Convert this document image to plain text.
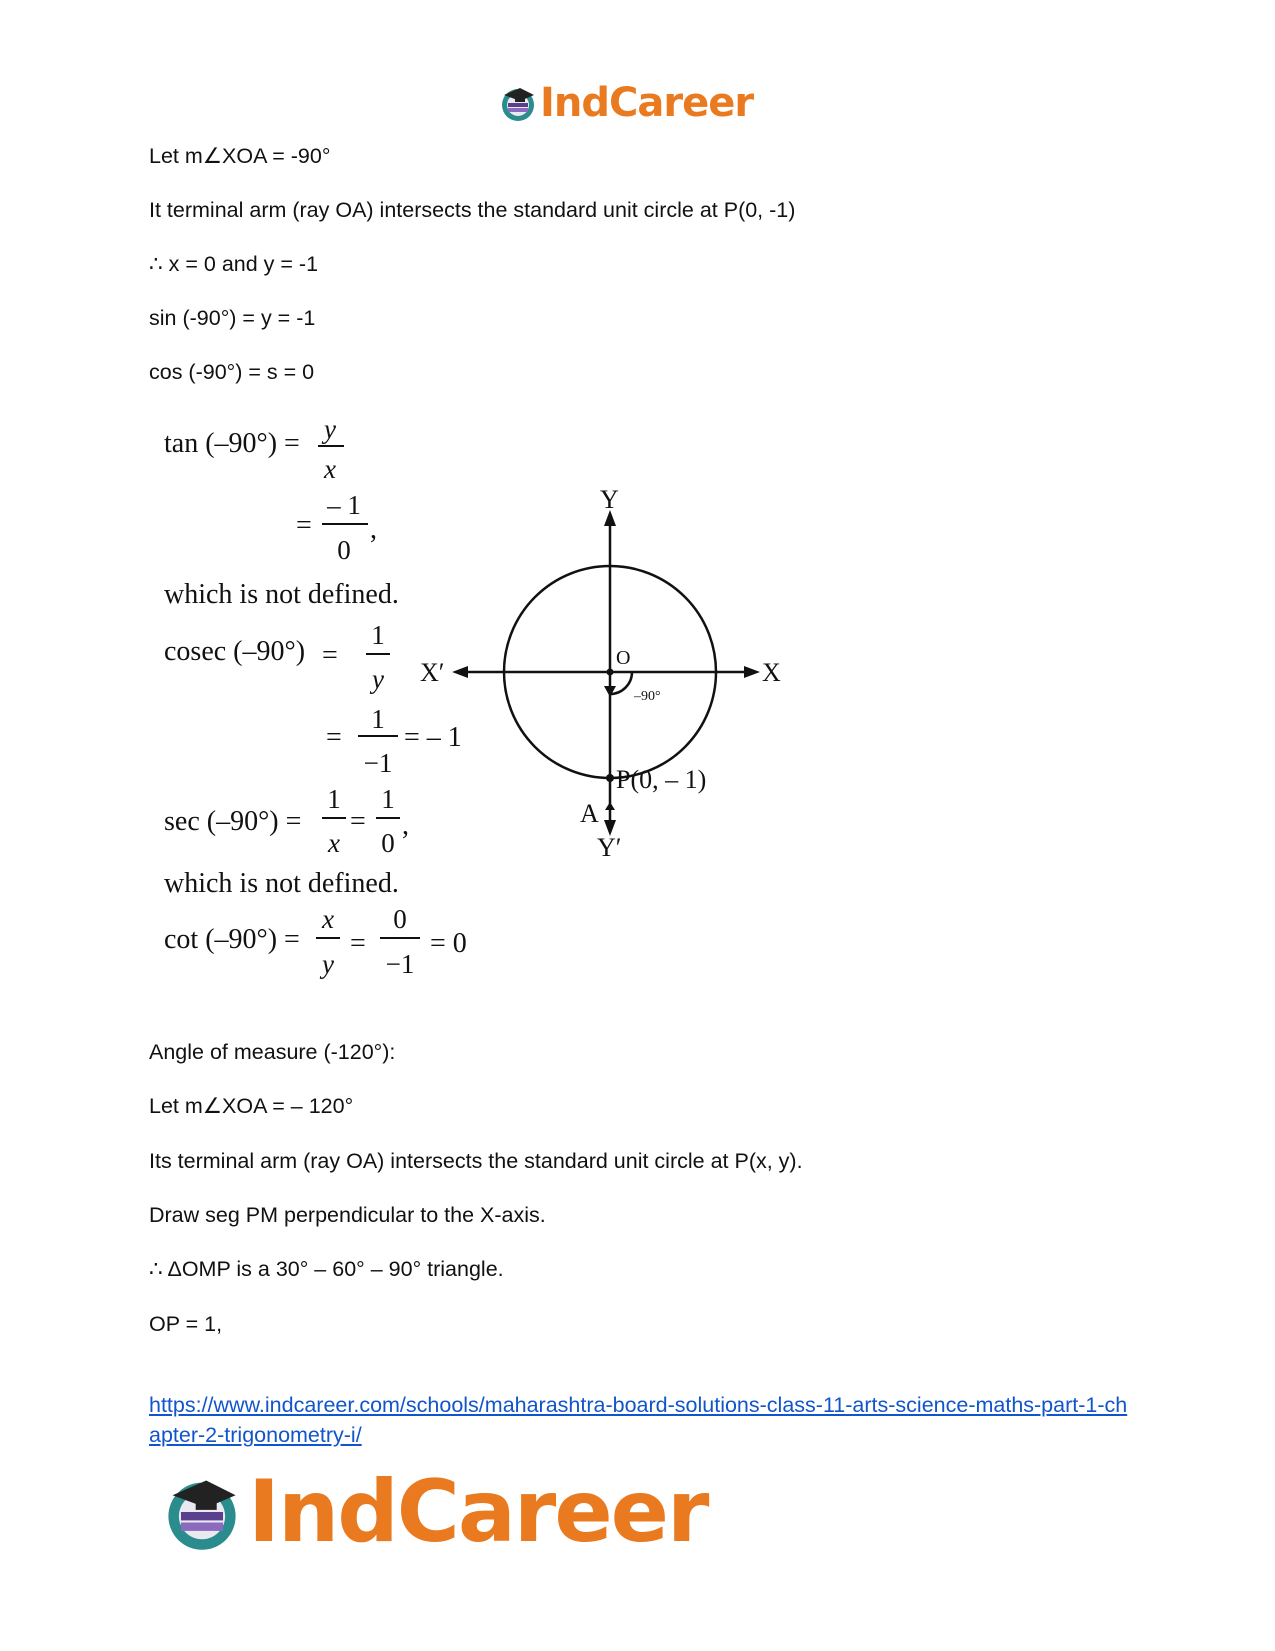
IndCareer
Let m∠XOA = -90°
It terminal arm (ray OA) intersects the standard unit circle at P(0, -1)
∴ x = 0 and y = -1
sin (-90°) = y = -1
cos (-90°) = s = 0
tan (–90°) = y
x
=
– 1
0
,
which is not defined.
cosec (–90°) =
1
y
=
1
−1
= – 1
sec (–90°) =
1
x
=
1
0
,
which is not defined.
cot (–90°) =
x
y
=
0
−1
= 0
Y
Y′
X
X′	O
–90°
P(0, – 1)
A
Angle of measure (-120°):
Let m∠XOA = – 120°
Its terminal arm (ray OA) intersects the standard unit circle at P(x, y).
Draw seg PM perpendicular to the X-axis.
∴ ΔOMP is a 30° – 60° – 90° triangle.
OP = 1,
https://www.indcareer.com/schools/maharashtra-board-solutions-class-11-arts-science-maths-part-1-chapter-2-trigonometry-i/
IndCareer
